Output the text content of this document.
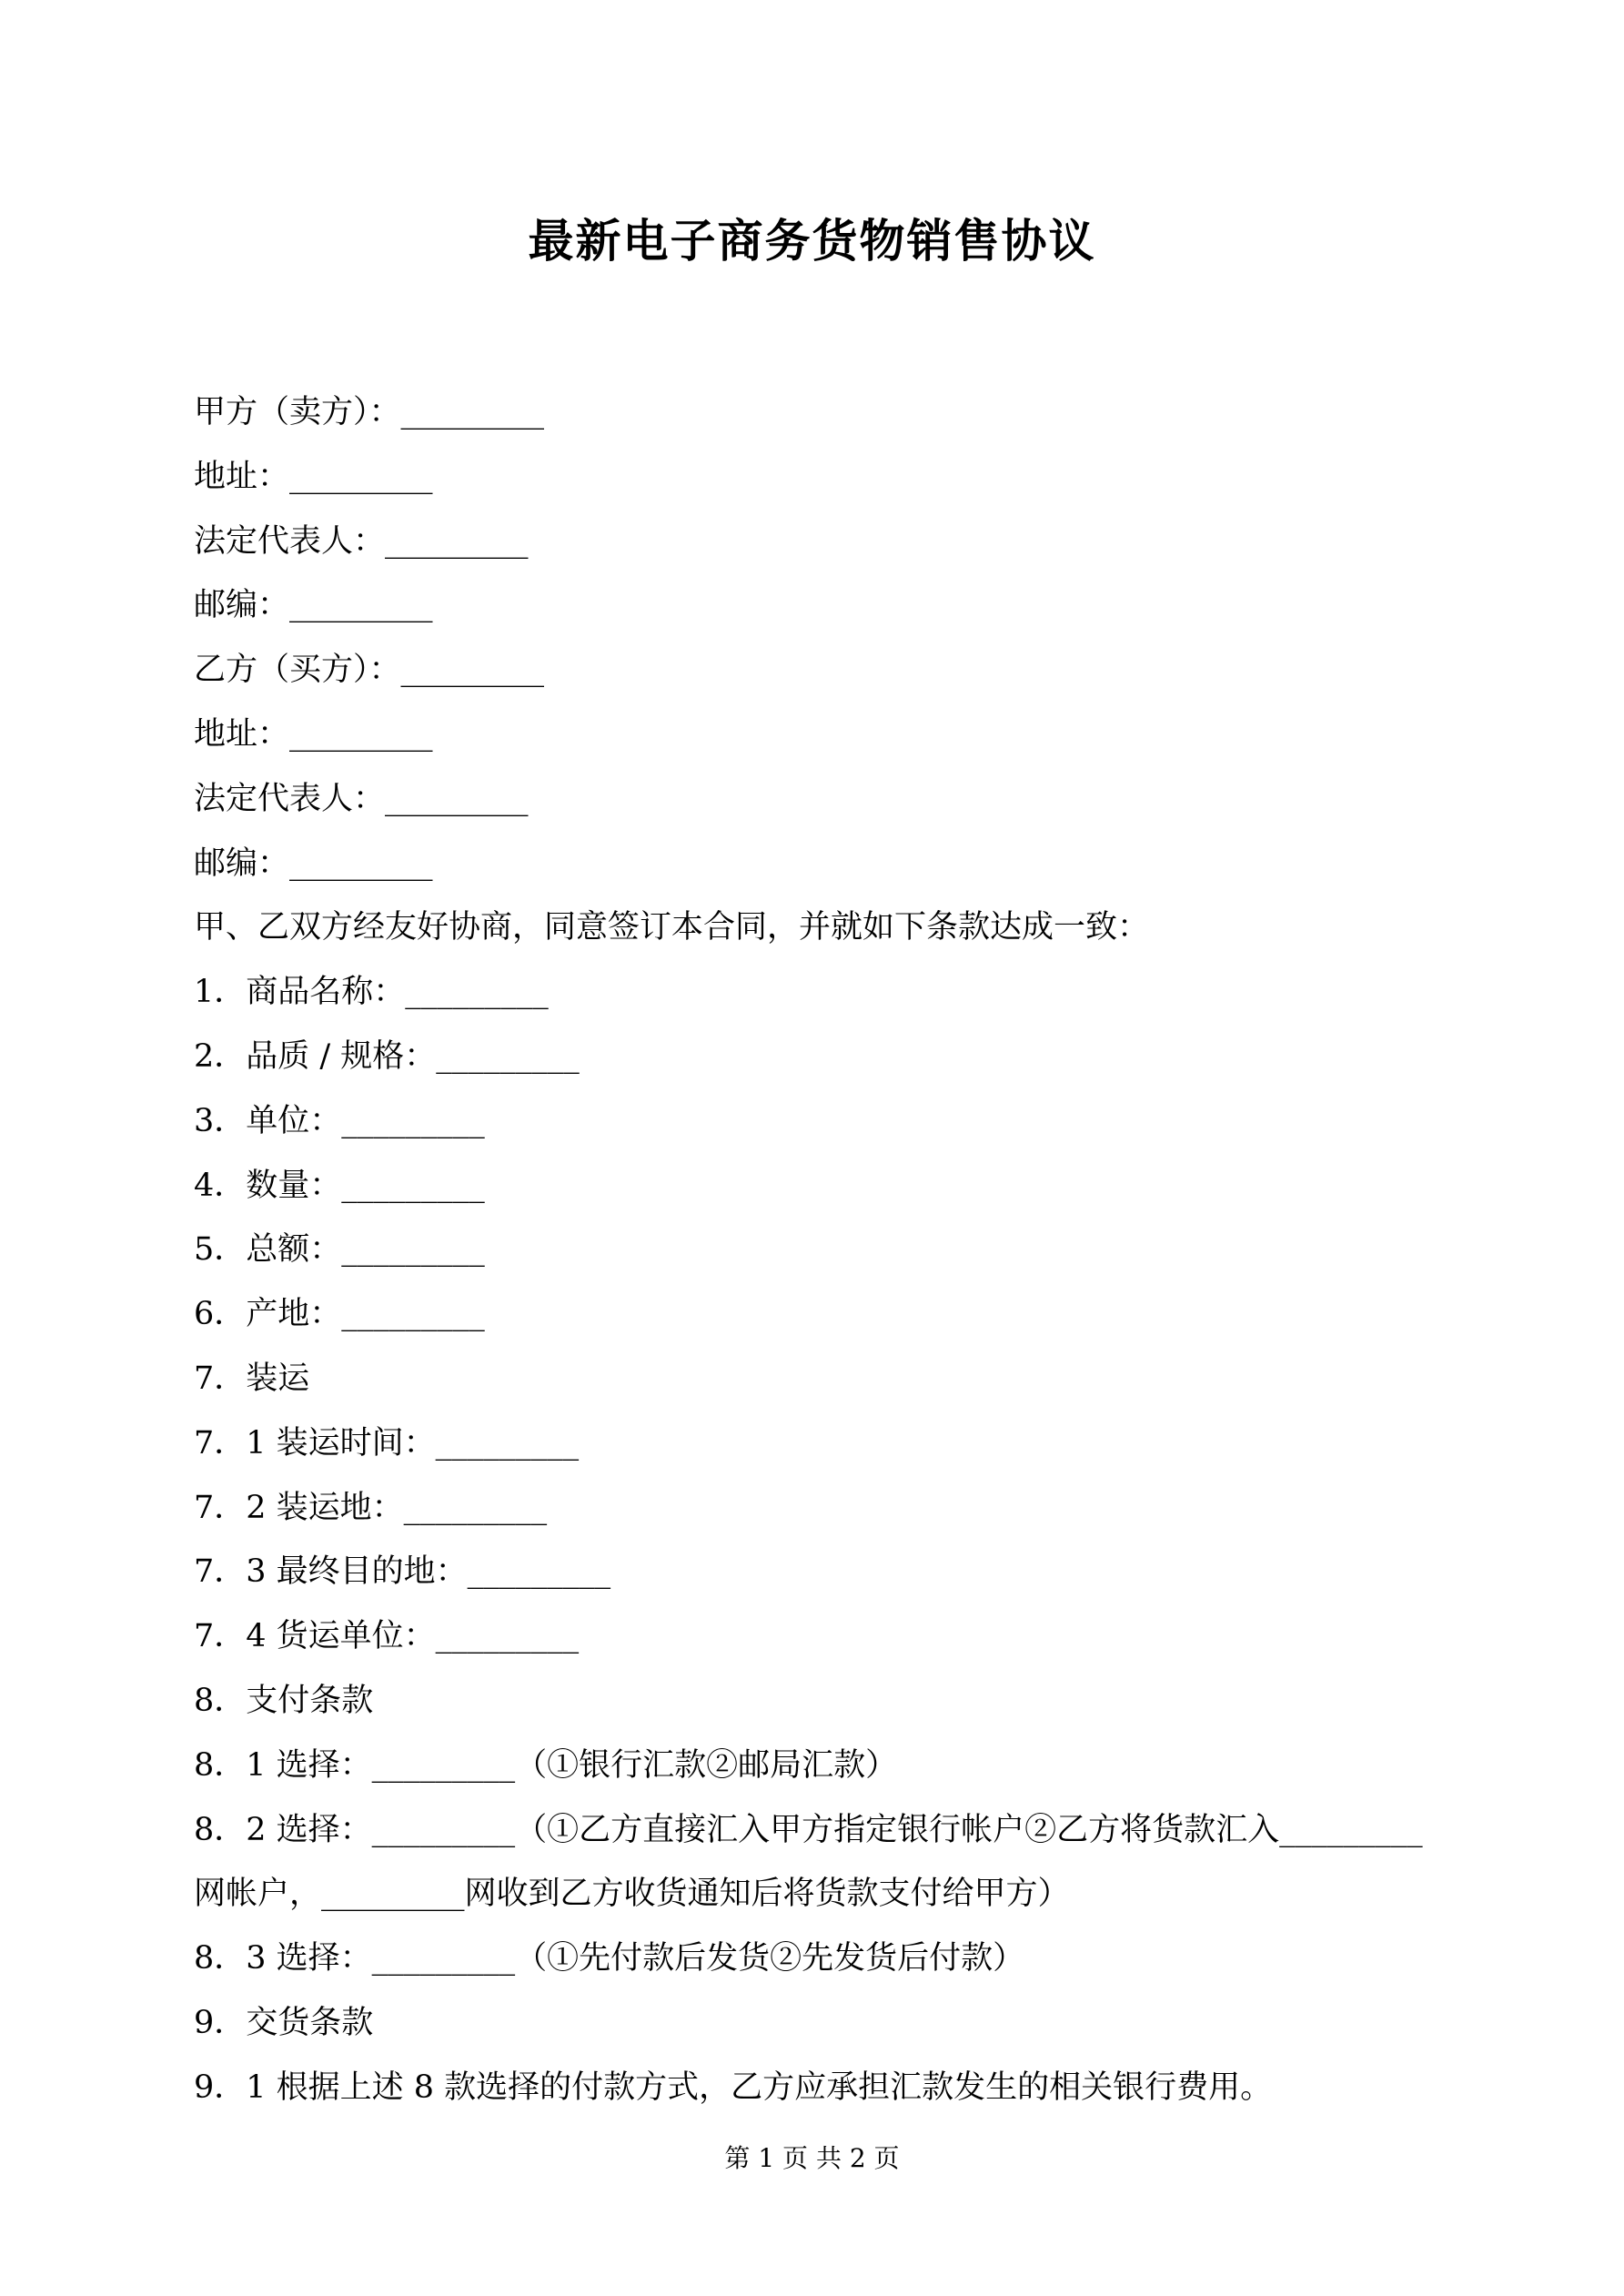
最新电子商务货物销售协议
甲方（卖方）：_________
地址：_________
法定代表人：_________
邮编：_________
乙方（买方）：_________
地址：_________
法定代表人：_________
邮编：_________
甲、乙双方经友好协商，同意签订本合同，并就如下条款达成一致：
1．商品名称：_________
2．品质 / 规格：_________
3．单位：_________
4．数量：_________
5．总额：_________
6．产地：_________
7．装运
7．1 装运时间：_________
7．2 装运地：_________
7．3 最终目的地：_________
7．4 货运单位：_________
8．支付条款
8．1 选择：_________（①银行汇款②邮局汇款）
8．2 选择：_________（①乙方直接汇入甲方指定银行帐户②乙方将货款汇入_________
网帐户，_________网收到乙方收货通知后将货款支付给甲方）
8．3 选择：_________（①先付款后发货②先发货后付款）
9．交货条款
9．1 根据上述 8 款选择的付款方式，乙方应承担汇款发生的相关银行费用。
第 1 页 共 2 页
